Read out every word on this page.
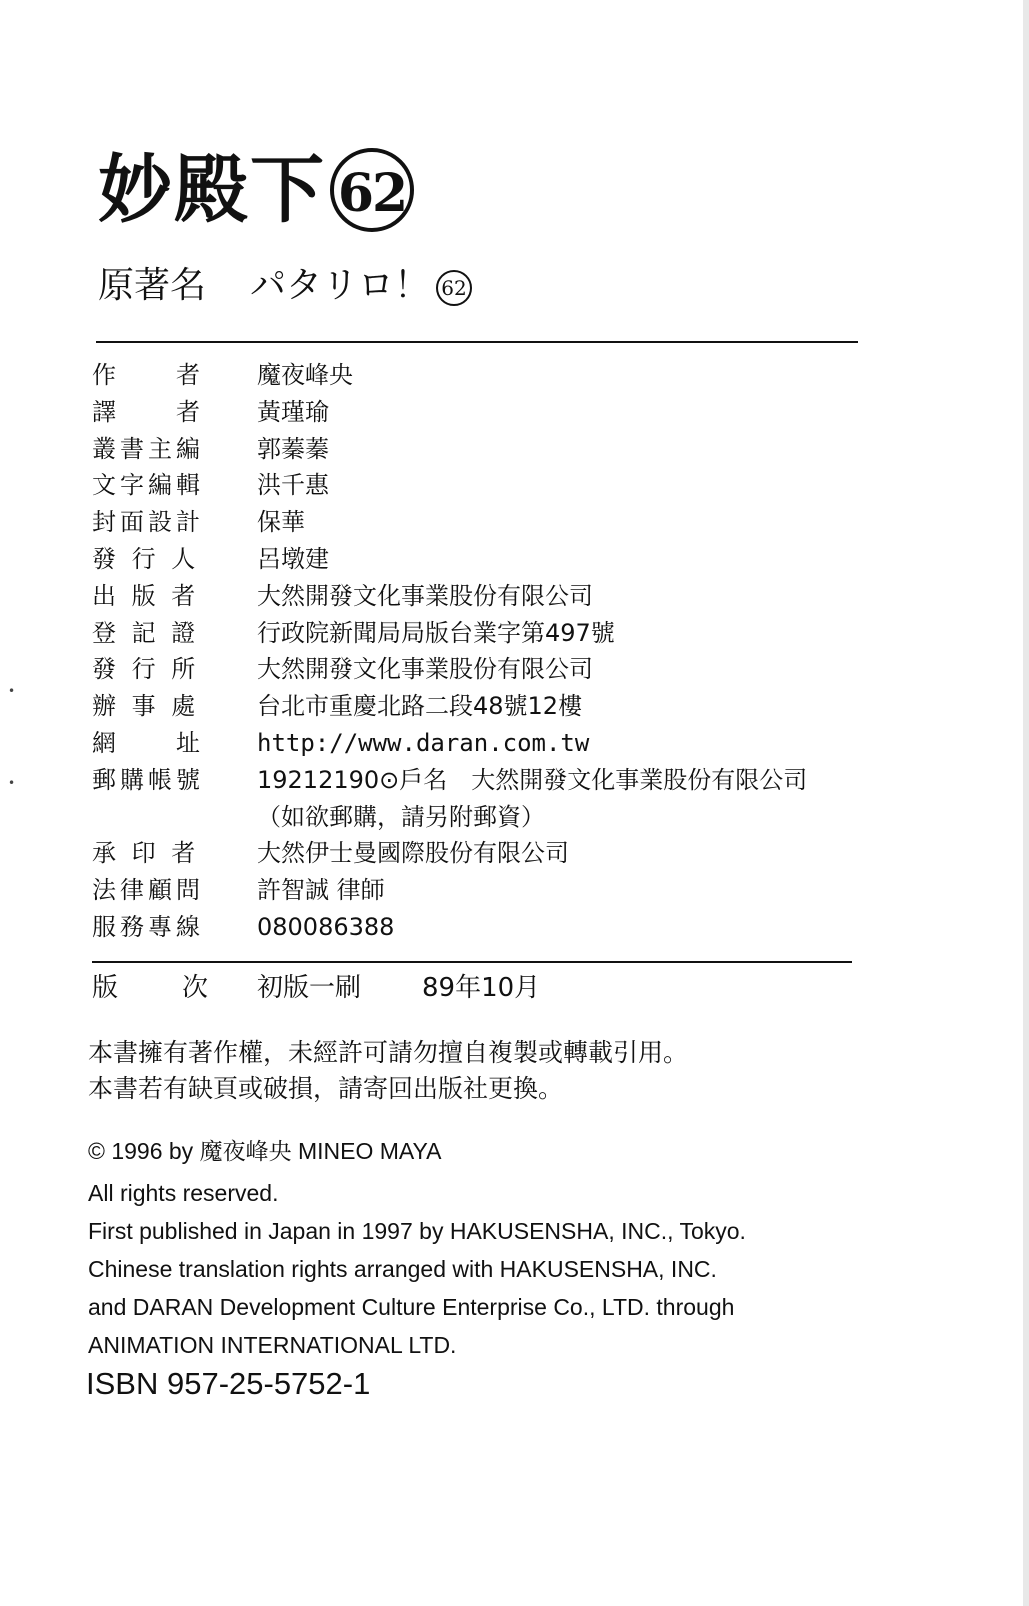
•
•
妙殿下 62
原著名 パタリロ！ 62
作　　者	魔夜峰央
譯　　者	黃瑾瑜
叢書主編	郭蓁蓁
文字編輯	洪千惠
封面設計	保華
發 行 人	呂墩建
出 版 者	大然開發文化事業股份有限公司
登 記 證	行政院新聞局局版台業字第497號
發 行 所	大然開發文化事業股份有限公司
辦 事 處	台北市重慶北路二段48號12樓
網　　址	http://www.daran.com.tw
郵購帳號	19212190⊙戶名　大然開發文化事業股份有限公司
（如欲郵購，請另附郵資）
承 印 者	大然伊士曼國際股份有限公司
法律顧問	許智誠 律師
服務專線	080086388
版　　次 初版一刷 89年10月
本書擁有著作權，未經許可請勿擅自複製或轉載引用。
本書若有缺頁或破損，請寄回出版社更換。
© 1996 by 魔夜峰央 MINEO MAYA
All rights reserved.
First published in Japan in 1997 by HAKUSENSHA, INC., Tokyo.
Chinese translation rights arranged with HAKUSENSHA, INC.
and DARAN Development Culture Enterprise Co., LTD. through
ANIMATION INTERNATIONAL LTD.
ISBN 957-25-5752-1
